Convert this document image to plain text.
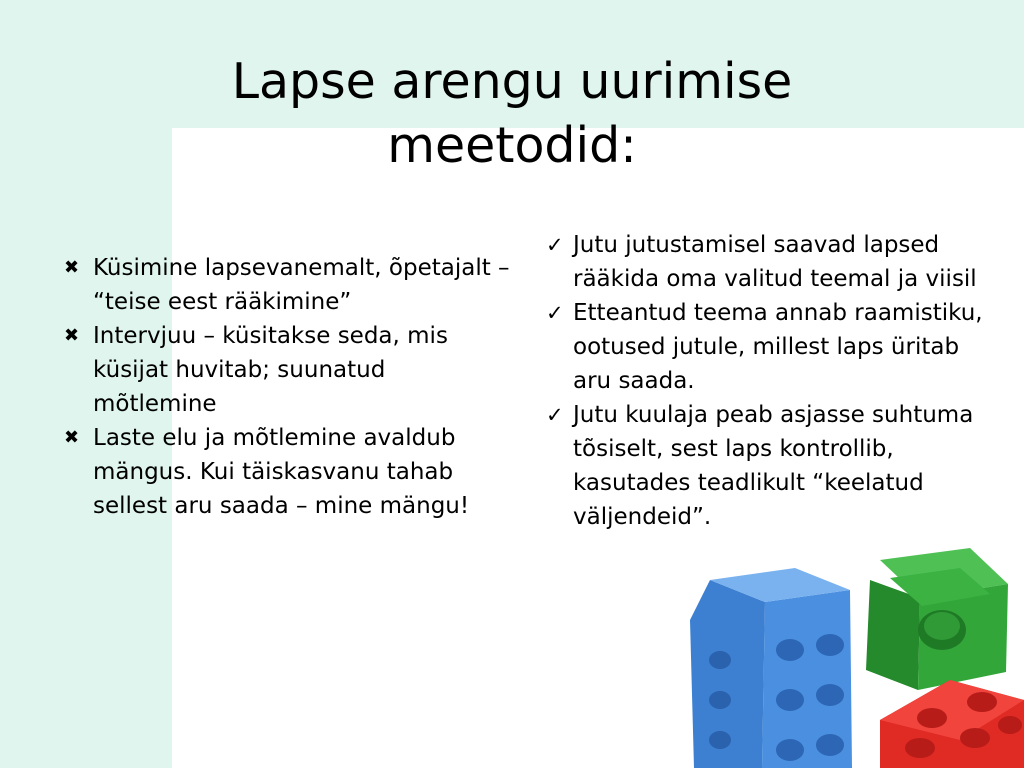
Lapse arengu uurimise
meetodid:
✖ Küsimine lapsevanemalt, õpetajalt – “teise eest rääkimine”
✖ Intervjuu – küsitakse seda, mis küsijat huvitab; suunatud mõtlemine
✖ Laste elu ja mõtlemine avaldub mängus. Kui täiskasvanu tahab sellest aru saada – mine mängu!
✓ Jutu jutustamisel saavad lapsed rääkida oma valitud teemal ja viisil
✓ Etteantud teema annab raamistiku, ootused jutule, millest laps üritab aru saada.
✓ Jutu kuulaja peab asjasse suhtuma tõsiselt, sest laps kontrollib, kasutades teadlikult “keelatud väljendeid”.
